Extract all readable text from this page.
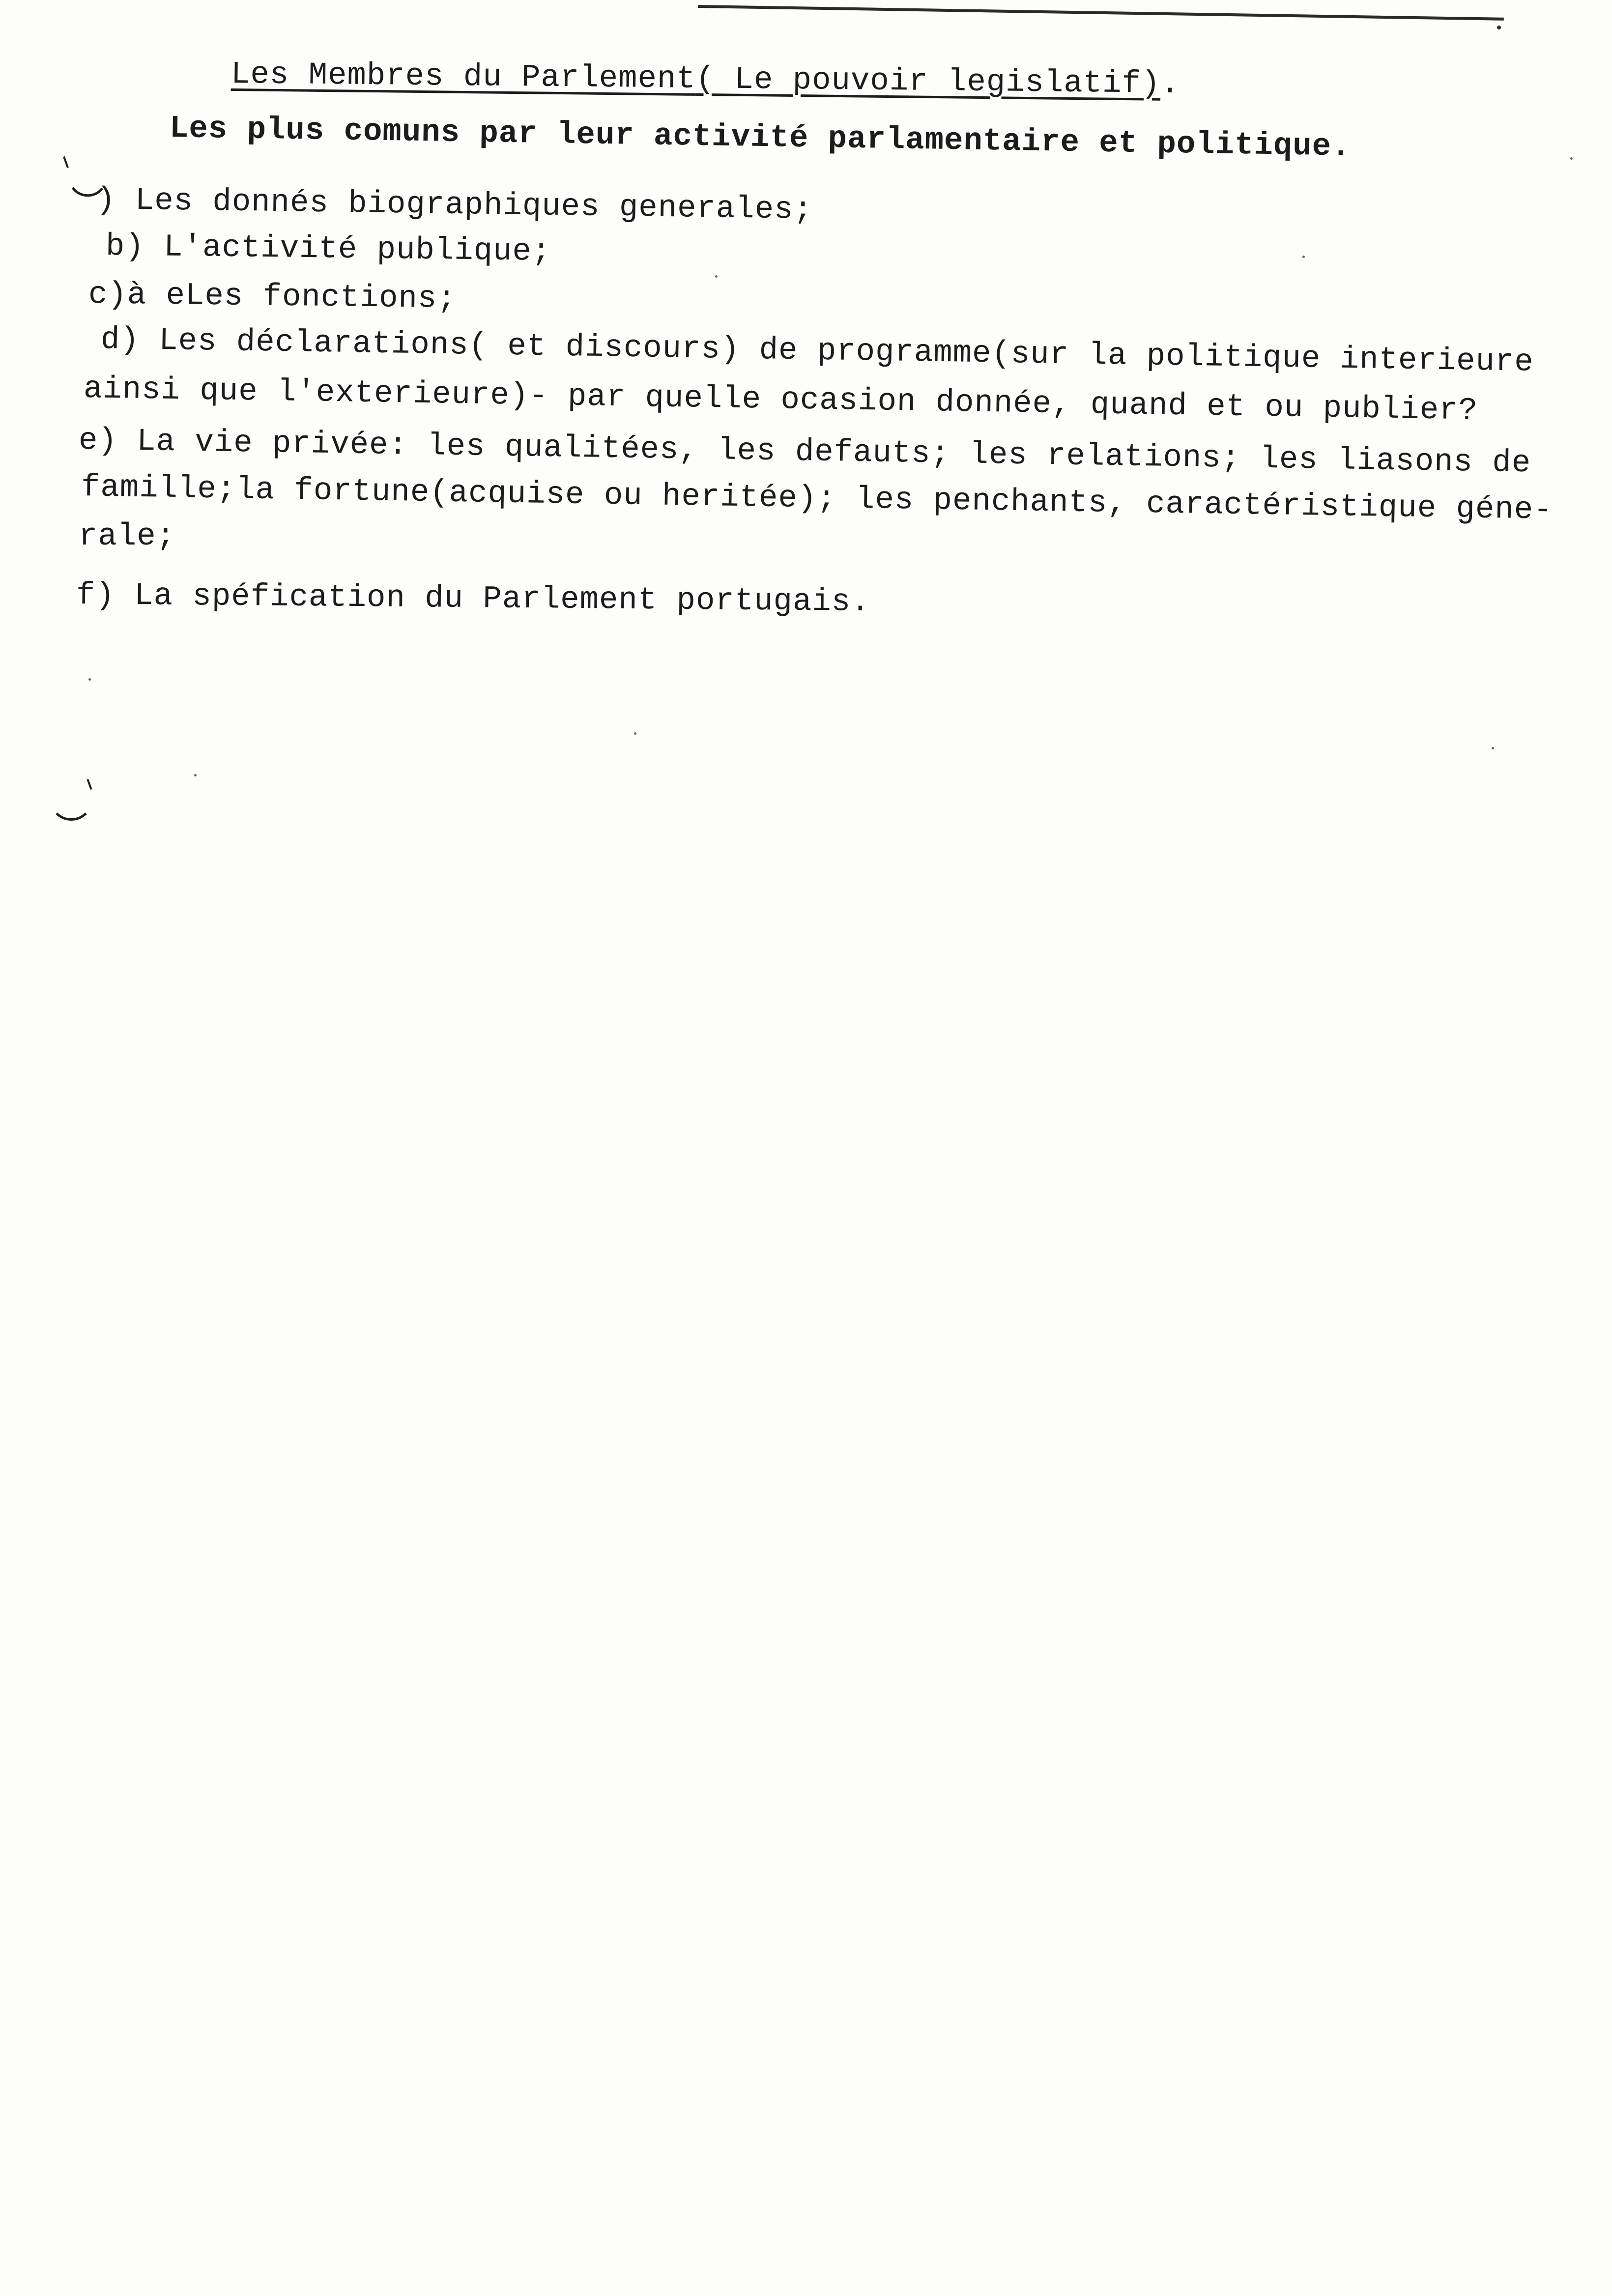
Les Membres du Parlement( Le pouvoir legislatif).
Les plus comuns par leur activité parlamentaire et politique.
) Les donnés biographiques generales;
b) L'activité publique;
c)à eLes fonctions;
d) Les déclarations( et discours) de programme(sur la politique interieure
ainsi que l'exterieure)- par quelle ocasion donnée, quand et ou publier?
e) La vie privée: les qualitées, les defauts; les relations; les liasons de
famille;la fortune(acquise ou heritée); les penchants, caractéristique géne-
rale;
f) La spéfication du Parlement portugais.
